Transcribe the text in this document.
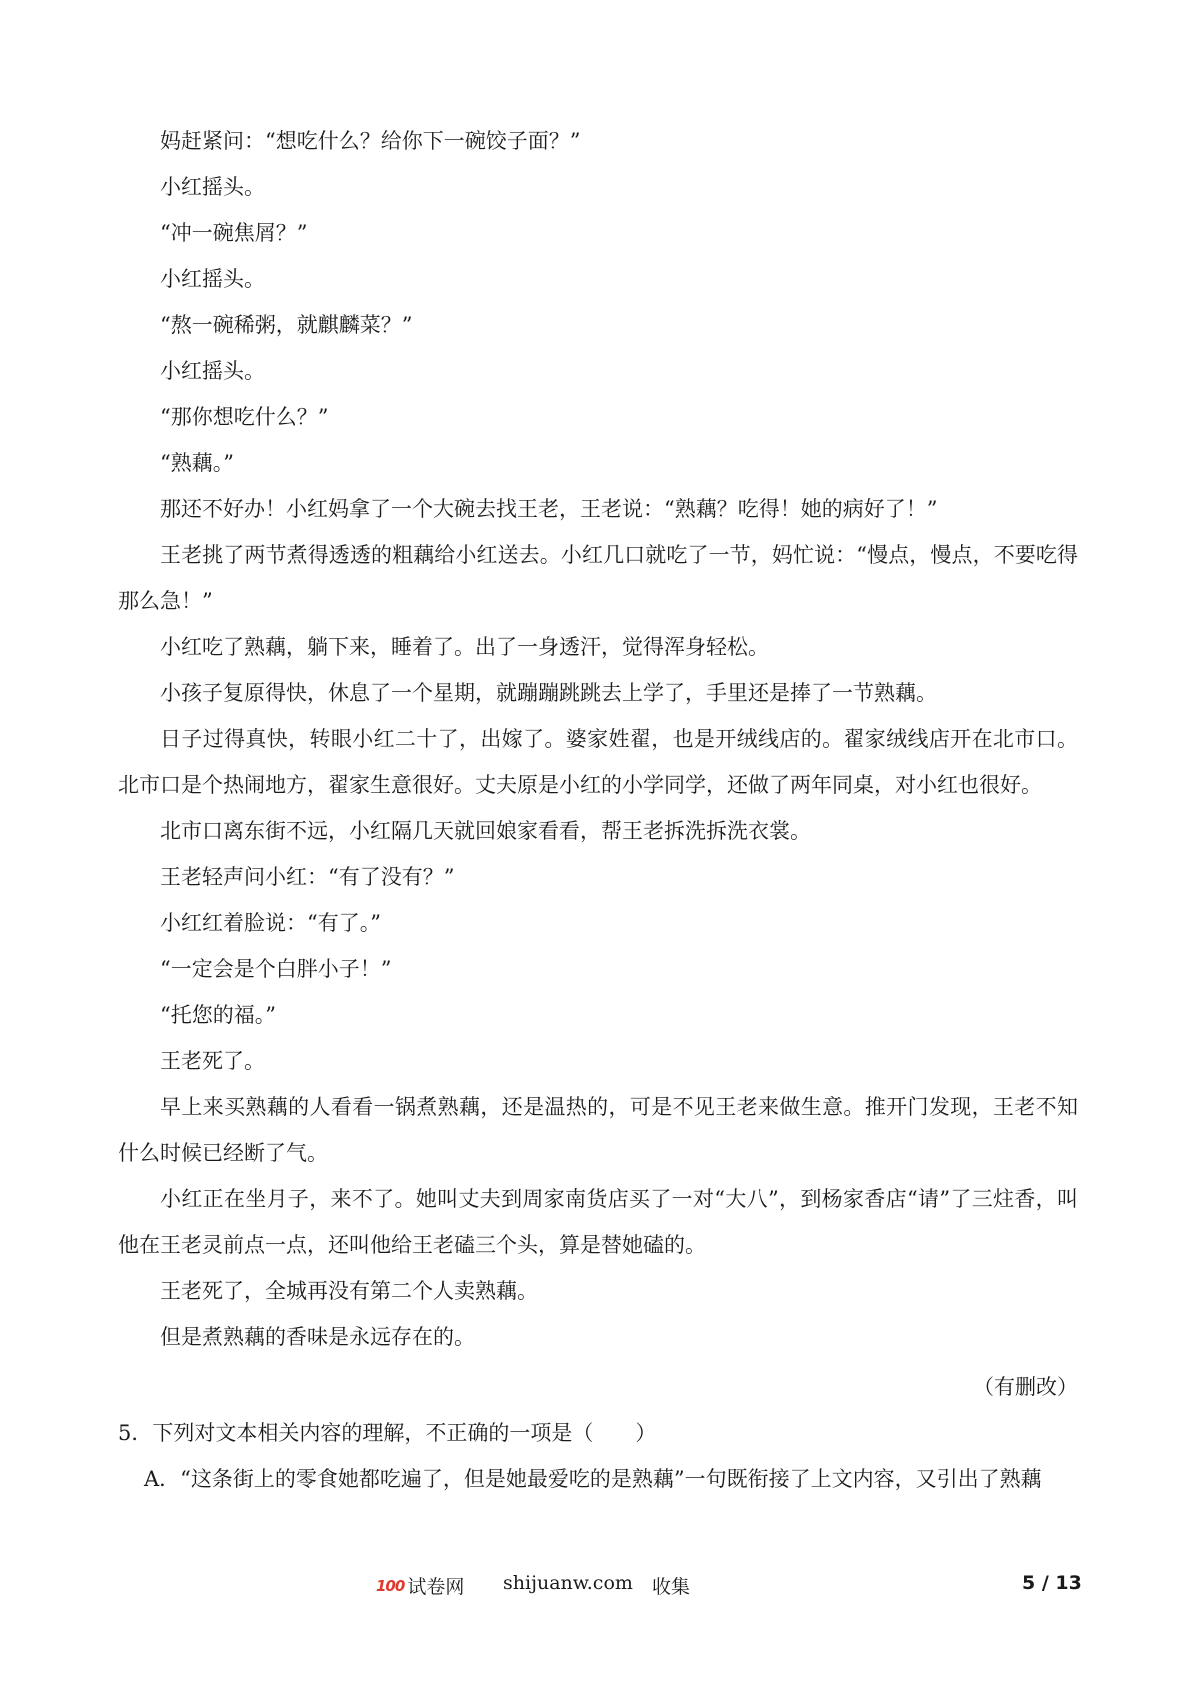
妈赶紧问：“想吃什么？给你下一碗饺子面？”

小红摇头。

“冲一碗焦屑？”

小红摇头。

“熬一碗稀粥，就麒麟菜？”

小红摇头。

“那你想吃什么？”

“熟藕。”

那还不好办！小红妈拿了一个大碗去找王老，王老说：“熟藕？吃得！她的病好了！”

王老挑了两节煮得透透的粗藕给小红送去。小红几口就吃了一节，妈忙说：“慢点，慢点，不要吃得那么急！”

小红吃了熟藕，躺下来，睡着了。出了一身透汗，觉得浑身轻松。

小孩子复原得快，休息了一个星期，就蹦蹦跳跳去上学了，手里还是捧了一节熟藕。

日子过得真快，转眼小红二十了，出嫁了。婆家姓翟，也是开绒线店的。翟家绒线店开在北市口。北市口是个热闹地方，翟家生意很好。丈夫原是小红的小学同学，还做了两年同桌，对小红也很好。

北市口离东街不远，小红隔几天就回娘家看看，帮王老拆洗拆洗衣裳。

王老轻声问小红：“有了没有？”

小红红着脸说：“有了。”

“一定会是个白胖小子！”

“托您的福。”

王老死了。

早上来买熟藕的人看看一锅煮熟藕，还是温热的，可是不见王老来做生意。推开门发现，王老不知什么时候已经断了气。

小红正在坐月子，来不了。她叫丈夫到周家南货店买了一对“大八”，到杨家香店“请”了三炷香，叫他在王老灵前点一点，还叫他给王老磕三个头，算是替她磕的。

王老死了，全城再没有第二个人卖熟藕。

但是煮熟藕的香味是永远存在的。

（有删改）

5．下列对文本相关内容的理解，不正确的一项是（　　）

A．“这条街上的零食她都吃遍了，但是她最爱吃的是熟藕”一句既衔接了上文内容，又引出了熟藕

100 试卷网 shijuanw.com 收集	5 / 13
